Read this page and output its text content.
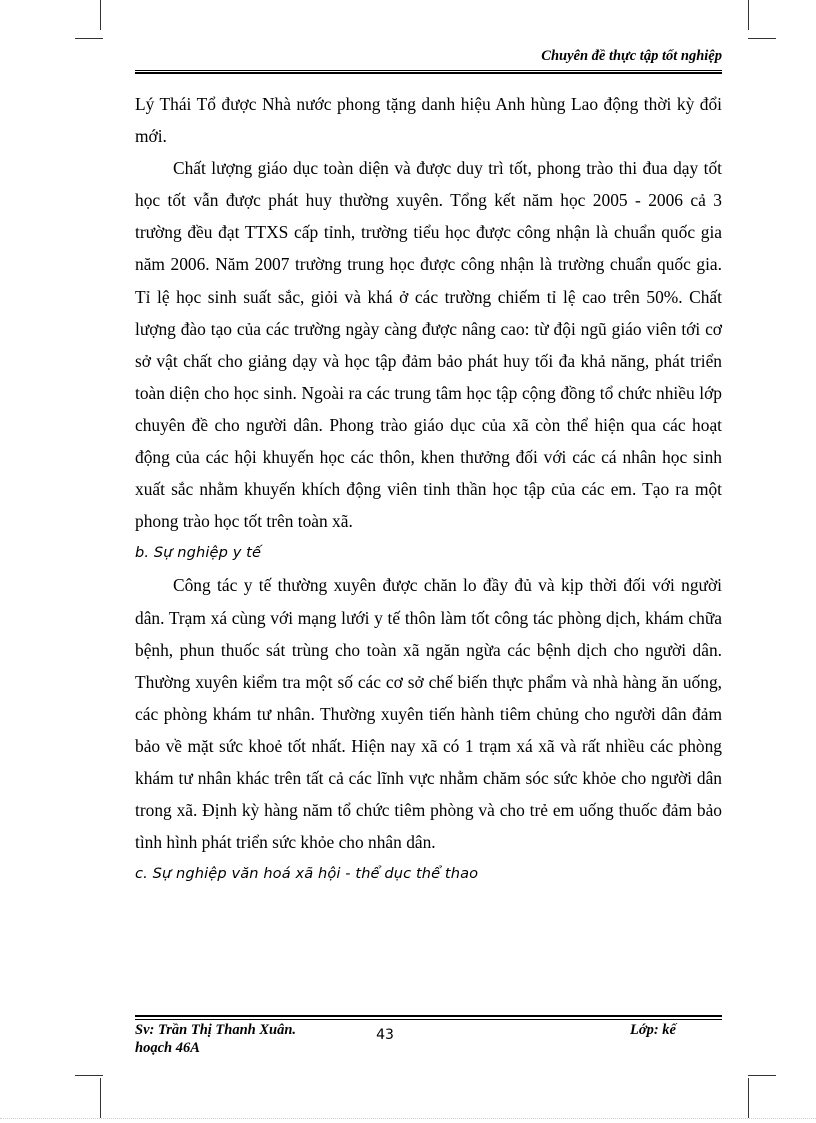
Chuyên đề thực tập tốt nghiệp

Lý Thái Tổ được Nhà nước phong tặng danh hiệu Anh hùng Lao động thời kỳ đổi mới.

Chất lượng giáo dục toàn diện và được duy trì tốt, phong trào thi đua dạy tốt học tốt vẫn được phát huy thường xuyên. Tổng kết năm học 2005 - 2006 cả 3 trường đều đạt TTXS cấp tỉnh, trường tiểu học được công nhận là chuẩn quốc gia năm 2006. Năm 2007 trường trung học được công nhận là trường chuẩn quốc gia. Tỉ lệ học sinh suất sắc, giỏi và khá ở các trường chiếm tỉ lệ cao trên 50%. Chất lượng đào tạo của các trường ngày càng được nâng cao: từ đội ngũ giáo viên tới cơ sở vật chất cho giảng dạy và học tập đảm bảo phát huy tối đa khả năng, phát triển toàn diện cho học sinh. Ngoài ra các trung tâm học tập cộng đồng tổ chức nhiều lớp chuyên đề cho người dân. Phong trào giáo dục của xã còn thể hiện qua các hoạt động của các hội khuyến học các thôn, khen thưởng đối với các cá nhân học sinh xuất sắc nhằm khuyến khích động viên tinh thần học tập của các em. Tạo ra một phong trào học tốt trên toàn xã.

b. Sự nghiệp y tế

Công tác y tế thường xuyên được chăn lo đầy đủ và kịp thời đối với người dân. Trạm xá cùng với mạng lưới y tế thôn làm tốt công tác phòng dịch, khám chữa bệnh, phun thuốc sát trùng cho toàn xã ngăn ngừa các bệnh dịch cho người dân. Thường xuyên kiểm tra một số các cơ sở chế biến thực phẩm và nhà hàng ăn uống, các phòng khám tư nhân. Thường xuyên tiến hành tiêm chủng cho người dân đảm bảo về mặt sức khoẻ tốt nhất. Hiện nay xã có 1 trạm xá xã và rất nhiều các phòng khám tư nhân khác trên tất cả các lĩnh vực nhằm chăm sóc sức khỏe cho người dân trong xã. Định kỳ hàng năm tổ chức tiêm phòng và cho trẻ em uống thuốc đảm bảo tình hình phát triển sức khỏe cho nhân dân.

c. Sự nghiệp văn hoá xã hội - thể dục thể thao

Sv: Trần Thị Thanh Xuân.
hoạch 46A
43	Lớp: kế
